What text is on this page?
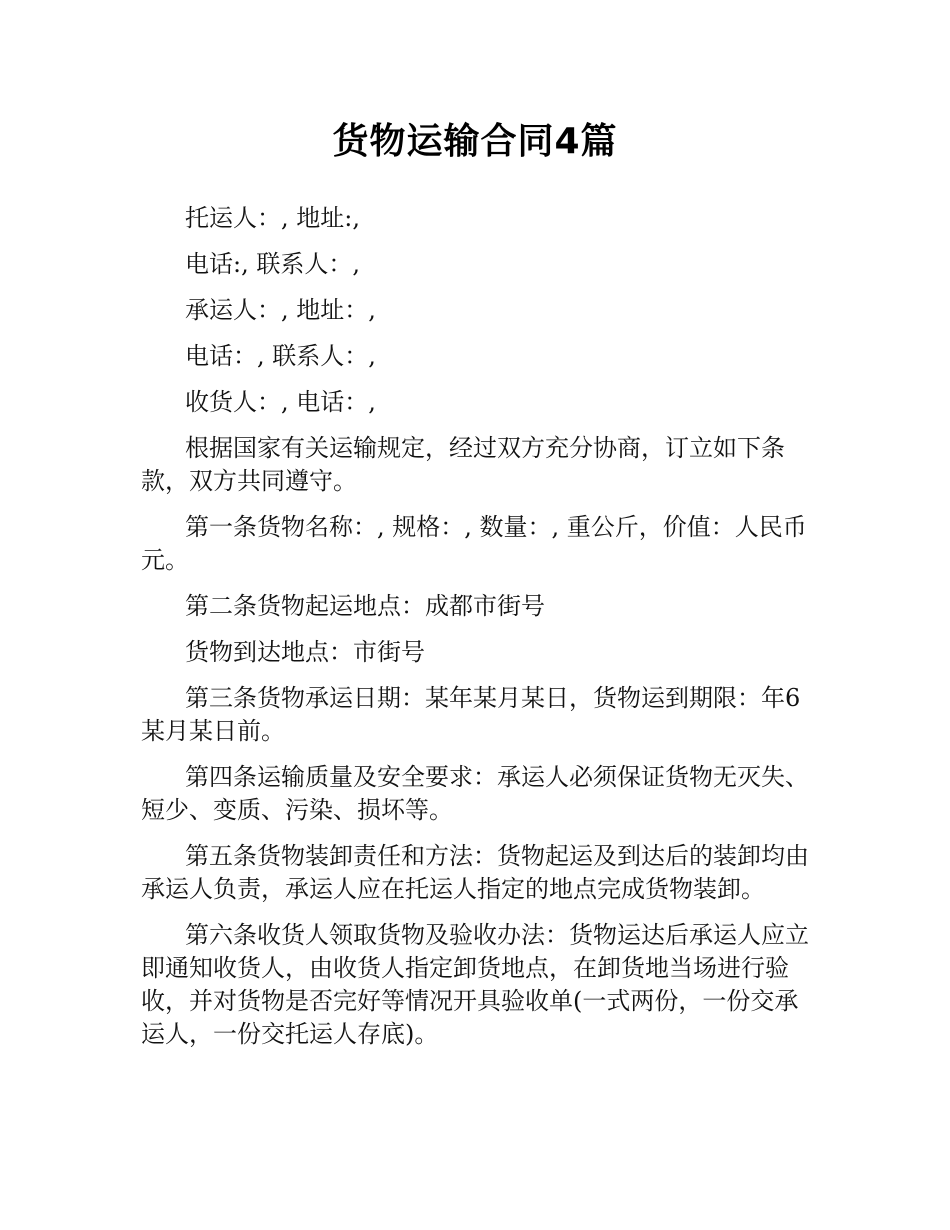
货物运输合同4篇

托运人：, 地址:,

电话:, 联系人：,

承运人：, 地址：,

电话：, 联系人：,

收货人：, 电话：,

根据国家有关运输规定，经过双方充分协商，订立如下条款，双方共同遵守。

第一条货物名称：, 规格：, 数量：, 重公斤，价值：人民币元。

第二条货物起运地点：成都市街号

货物到达地点：市街号

第三条货物承运日期：某年某月某日，货物运到期限：年6某月某日前。

第四条运输质量及安全要求：承运人必须保证货物无灭失、短少、变质、污染、损坏等。

第五条货物装卸责任和方法：货物起运及到达后的装卸均由承运人负责，承运人应在托运人指定的地点完成货物装卸。

第六条收货人领取货物及验收办法：货物运达后承运人应立即通知收货人，由收货人指定卸货地点，在卸货地当场进行验收，并对货物是否完好等情况开具验收单(一式两份，一份交承运人，一份交托运人存底)。
